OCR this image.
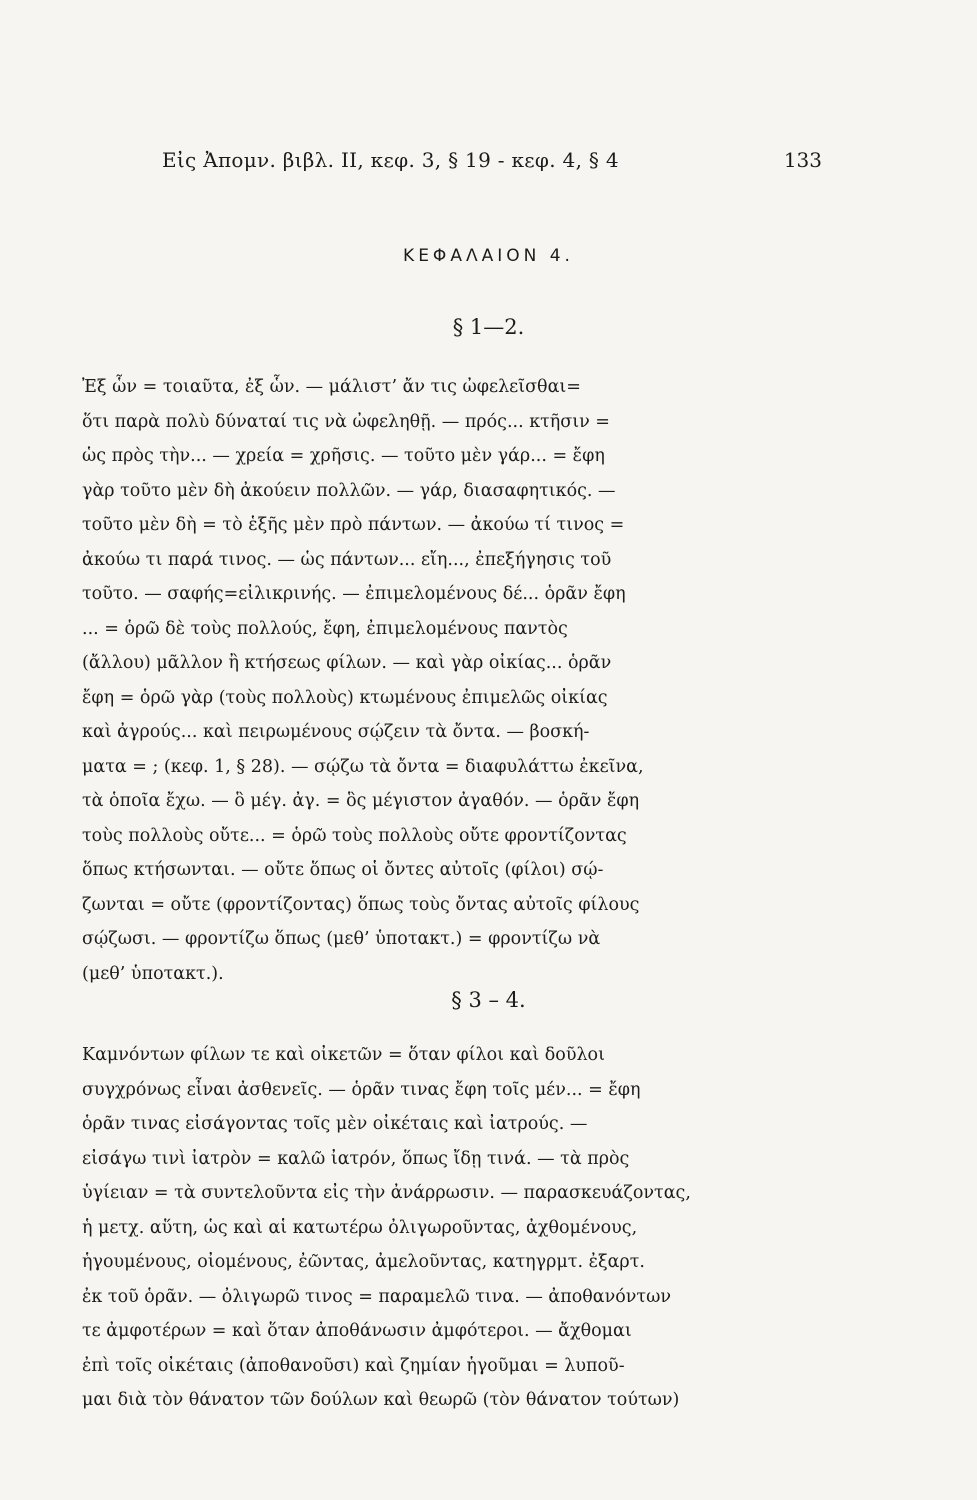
Εἰς Ἀπομν. βιβλ. II, κεφ. 3, § 19 - κεφ. 4, § 4	133
ΚΕΦΑΛΑΙΟΝ 4.
§ 1—2.
Ἐξ ὧν = τοιαῦτα, ἐξ ὧν. — μάλιστ’ ἄν τις ὠφελεῖσθαι=
ὅτι παρὰ πολὺ δύναταί τις νὰ ὠφεληθῇ. — πρός... κτῆσιν =
ὡς πρὸς τὴν... — χρεία = χρῆσις. — τοῦτο μὲν γάρ... = ἔφη
γὰρ τοῦτο μὲν δὴ ἀκούειν πολλῶν. — γάρ, διασαφητικός. —
τοῦτο μὲν δὴ = τὸ ἑξῆς μὲν πρὸ πάντων. — ἀκούω τί τινος =
ἀκούω τι παρά τινος. — ὡς πάντων... εἴη..., ἐπεξήγησις τοῦ
τοῦτο. — σαφής=εἰλικρινής. — ἐπιμελομένους δέ... ὁρᾶν ἔφη
... = ὁρῶ δὲ τοὺς πολλούς, ἔφη, ἐπιμελομένους παντὸς
(ἄλλου) μᾶλλον ἢ κτήσεως φίλων. — καὶ γὰρ οἰκίας... ὁρᾶν
ἔφη = ὁρῶ γὰρ (τοὺς πολλοὺς) κτωμένους ἐπιμελῶς οἰκίας
καὶ ἀγρούς... καὶ πειρωμένους σῴζειν τὰ ὄντα. — βοσκή-
ματα = ; (κεφ. 1, § 28). — σῴζω τὰ ὄντα = διαφυλάττω ἐκεῖνα,
τὰ ὁποῖα ἔχω. — ὃ μέγ. ἀγ. = ὃς μέγιστον ἀγαθόν. — ὁρᾶν ἔφη
τοὺς πολλοὺς οὔτε... = ὁρῶ τοὺς πολλοὺς οὔτε φροντίζοντας
ὅπως κτήσωνται. — οὔτε ὅπως οἱ ὄντες αὐτοῖς (φίλοι) σῴ-
ζωνται = οὔτε (φροντίζοντας) ὅπως τοὺς ὄντας αὐτοῖς φίλους
σῴζωσι. — φροντίζω ὅπως (μεθ’ ὑποτακτ.) = φροντίζω νὰ
(μεθ’ ὑποτακτ.).
§ 3 – 4.
Καμνόντων φίλων τε καὶ οἰκετῶν = ὅταν φίλοι καὶ δοῦλοι
συγχρόνως εἶναι ἀσθενεῖς. — ὁρᾶν τινας ἔφη τοῖς μέν... = ἔφη
ὁρᾶν τινας εἰσάγοντας τοῖς μὲν οἰκέταις καὶ ἰατρούς. —
εἰσάγω τινὶ ἰατρὸν = καλῶ ἰατρόν, ὅπως ἴδῃ τινά. — τὰ πρὸς
ὑγίειαν = τὰ συντελοῦντα εἰς τὴν ἀνάρρωσιν. — παρασκευάζοντας,
ἡ μετχ. αὕτη, ὡς καὶ αἱ κατωτέρω ὀλιγωροῦντας, ἀχθομένους,
ἡγουμένους, οἰομένους, ἐῶντας, ἀμελοῦντας, κατηγρμτ. ἐξαρτ.
ἐκ τοῦ ὁρᾶν. — ὀλιγωρῶ τινος = παραμελῶ τινα. — ἀποθανόντων
τε ἀμφοτέρων = καὶ ὅταν ἀποθάνωσιν ἀμφότεροι. — ἄχθομαι
ἐπὶ τοῖς οἰκέταις (ἀποθανοῦσι) καὶ ζημίαν ἡγοῦμαι = λυποῦ-
μαι διὰ τὸν θάνατον τῶν δούλων καὶ θεωρῶ (τὸν θάνατον τούτων)
